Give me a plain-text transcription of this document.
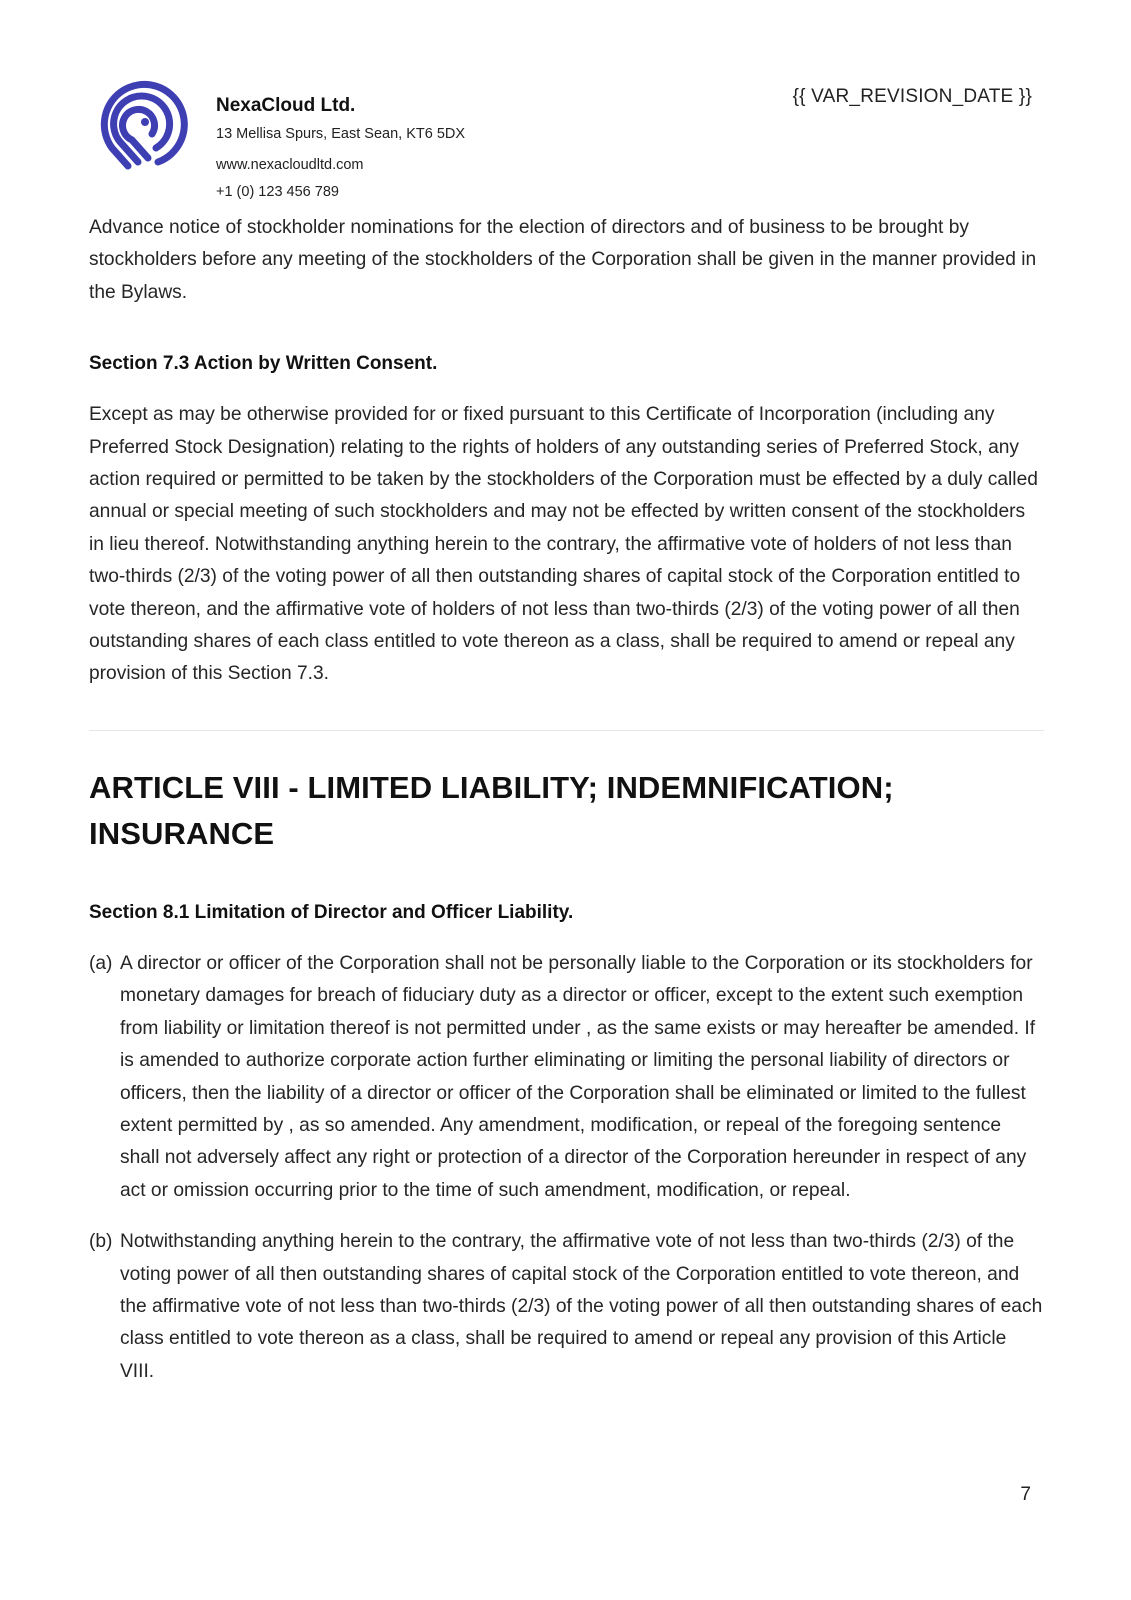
NexaCloud Ltd.

13 Mellisa Spurs, East Sean, KT6 5DX

www.nexacloudltd.com

+1 (0) 123 456 789

{{ VAR_REVISION_DATE }}

Advance notice of stockholder nominations for the election of directors and of business to be brought by stockholders before any meeting of the stockholders of the Corporation shall be given in the manner provided in the Bylaws.

Section 7.3 Action by Written Consent.

Except as may be otherwise provided for or fixed pursuant to this Certificate of Incorporation (including any Preferred Stock Designation) relating to the rights of holders of any outstanding series of Preferred Stock, any action required or permitted to be taken by the stockholders of the Corporation must be effected by a duly called annual or special meeting of such stockholders and may not be effected by written consent of the stockholders in lieu thereof. Notwithstanding anything herein to the contrary, the affirmative vote of holders of not less than two-thirds (2/3) of the voting power of all then outstanding shares of capital stock of the Corporation entitled to vote thereon, and the affirmative vote of holders of not less than two-thirds (2/3) of the voting power of all then outstanding shares of each class entitled to vote thereon as a class, shall be required to amend or repeal any provision of this Section 7.3.

ARTICLE VIII - LIMITED LIABILITY; INDEMNIFICATION;
INSURANCE
Section 8.1 Limitation of Director and Officer Liability.
(a) A director or officer of the Corporation shall not be personally liable to the Corporation or its stockholders for monetary damages for breach of fiduciary duty as a director or officer, except to the extent such exemption from liability or limitation thereof is not permitted under , as the same exists or may hereafter be amended. If is amended to authorize corporate action further eliminating or limiting the personal liability of directors or officers, then the liability of a director or officer of the Corporation shall be eliminated or limited to the fullest extent permitted by , as so amended. Any amendment, modification, or repeal of the foregoing sentence shall not adversely affect any right or protection of a director of the Corporation hereunder in respect of any act or omission occurring prior to the time of such amendment, modification, or repeal.
(b) Notwithstanding anything herein to the contrary, the affirmative vote of not less than two-thirds (2/3) of the voting power of all then outstanding shares of capital stock of the Corporation entitled to vote thereon, and the affirmative vote of not less than two-thirds (2/3) of the voting power of all then outstanding shares of each class entitled to vote thereon as a class, shall be required to amend or repeal any provision of this Article VIII.
7
